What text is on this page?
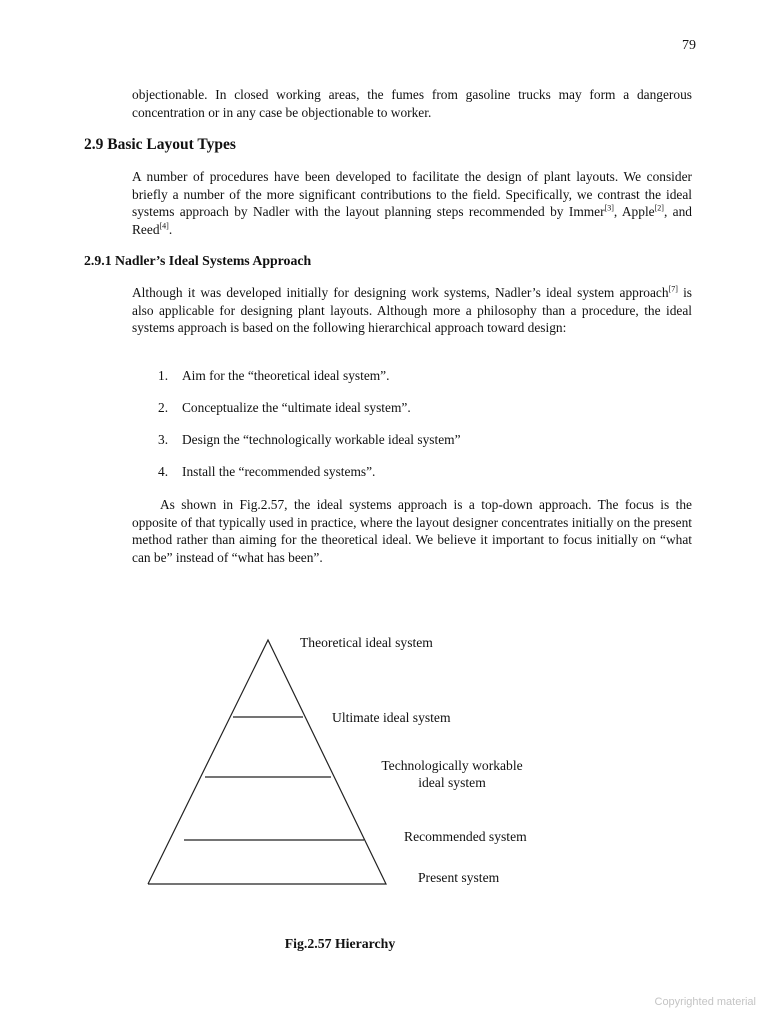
79
objectionable. In closed working areas, the fumes from gasoline trucks may form a dangerous concentration or in any case be objectionable to worker.
2.9 Basic Layout Types
A number of procedures have been developed to facilitate the design of plant layouts. We consider briefly a number of the more significant contributions to the field. Specifically, we contrast the ideal systems approach by Nadler with the layout planning steps recommended by Immer[3], Apple[2], and Reed[4].
2.9.1 Nadler’s Ideal Systems Approach
Although it was developed initially for designing work systems, Nadler’s ideal system approach[7] is also applicable for designing plant layouts. Although more a philosophy than a procedure, the ideal systems approach is based on the following hierarchical approach toward design:
1. Aim for the “theoretical ideal system”.
2. Conceptualize the “ultimate ideal system”.
3. Design the “technologically workable ideal system”
4. Install the “recommended systems”.
As shown in Fig.2.57, the ideal systems approach is a top-down approach. The focus is the opposite of that typically used in practice, where the layout designer concentrates initially on the present method rather than aiming for the theoretical ideal. We believe it important to focus initially on “what can be” instead of “what has been”.
Theoretical ideal system
Ultimate ideal system
Technologically workable
ideal system
Recommended system
Present system
Fig.2.57 Hierarchy
Copyrighted material
